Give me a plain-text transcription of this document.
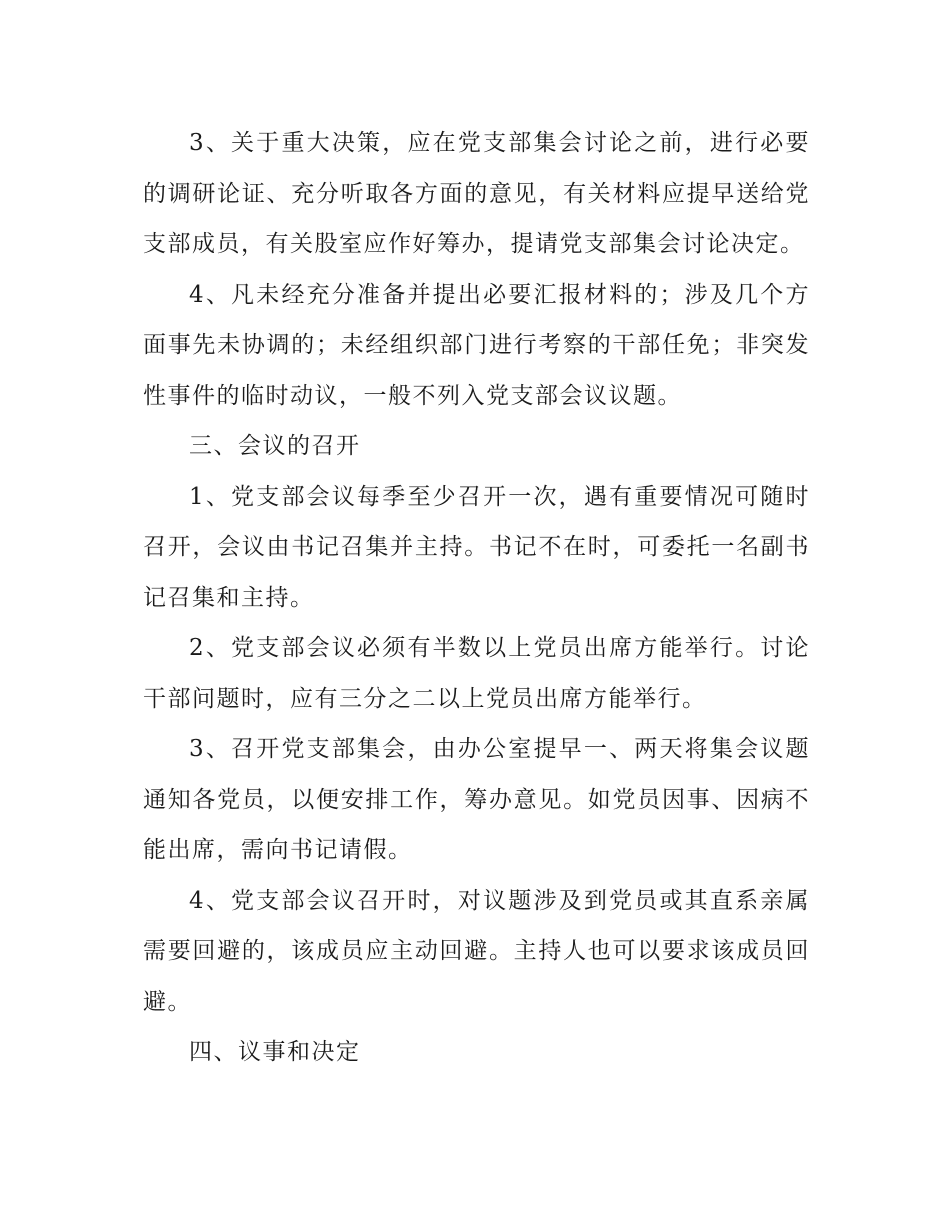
3、关于重大决策，应在党支部集会讨论之前，进行必要的调研论证、充分听取各方面的意见，有关材料应提早送给党支部成员，有关股室应作好筹办，提请党支部集会讨论决定。

4、凡未经充分准备并提出必要汇报材料的；涉及几个方面事先未协调的；未经组织部门进行考察的干部任免；非突发性事件的临时动议，一般不列入党支部会议议题。

三、会议的召开

1、党支部会议每季至少召开一次，遇有重要情况可随时召开，会议由书记召集并主持。书记不在时，可委托一名副书记召集和主持。

2、党支部会议必须有半数以上党员出席方能举行。讨论干部问题时，应有三分之二以上党员出席方能举行。

3、召开党支部集会，由办公室提早一、两天将集会议题通知各党员，以便安排工作，筹办意见。如党员因事、因病不能出席，需向书记请假。

4、党支部会议召开时，对议题涉及到党员或其直系亲属需要回避的，该成员应主动回避。主持人也可以要求该成员回避。

四、议事和决定
